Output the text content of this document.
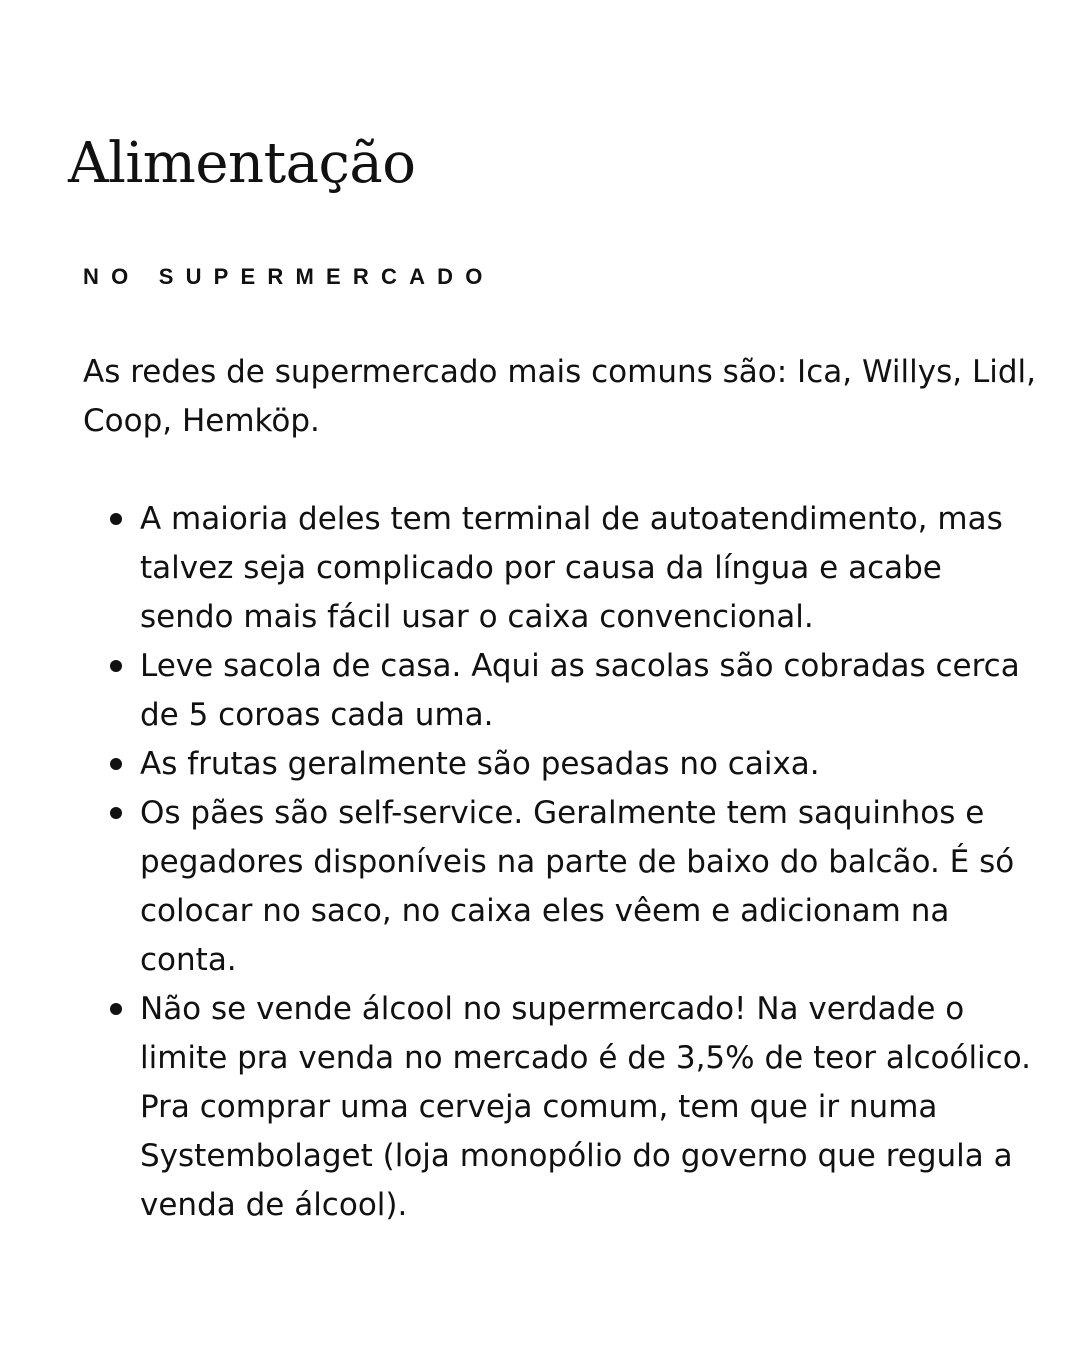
Alimentação
NO SUPERMERCADO

As redes de supermercado mais comuns são: Ica, Willys, Lidl, Coop, Hemköp.

A maioria deles tem terminal de autoatendimento, mas talvez seja complicado por causa da língua e acabe sendo mais fácil usar o caixa convencional.
Leve sacola de casa. Aqui as sacolas são cobradas cerca de 5 coroas cada uma.
As frutas geralmente são pesadas no caixa.
Os pães são self-service. Geralmente tem saquinhos e pegadores disponíveis na parte de baixo do balcão. É só colocar no saco, no caixa eles vêem e adicionam na conta.
Não se vende álcool no supermercado! Na verdade o limite pra venda no mercado é de 3,5% de teor alcoólico. Pra comprar uma cerveja comum, tem que ir numa Systembolaget (loja monopólio do governo que regula a venda de álcool).
